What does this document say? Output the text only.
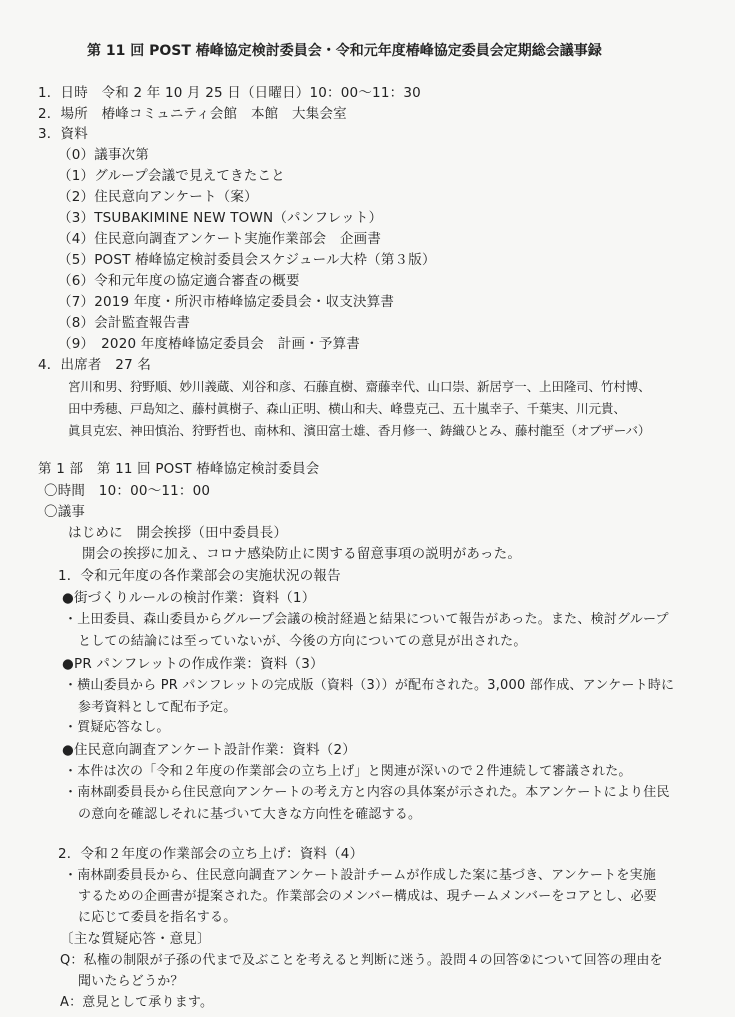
第 11 回 POST 椿峰協定検討委員会・令和元年度椿峰協定委員会定期総会議事録
1．日時　令和 2 年 10 月 25 日（日曜日）10：00～11：30
2．場所　椿峰コミュニティ会館　本館　大集会室
3．資料
（0）議事次第
（1）グループ会議で見えてきたこと
（2）住民意向アンケート（案）
（3）TSUBAKIMINE NEW TOWN（パンフレット）
（4）住民意向調査アンケート実施作業部会　企画書
（5）POST 椿峰協定検討委員会スケジュール大枠（第３版）
（6）令和元年度の協定適合審査の概要
（7）2019 年度・所沢市椿峰協定委員会・収支決算書
（8）会計監査報告書
（9）　2020 年度椿峰協定委員会　計画・予算書
4．出席者　27 名
宮川和男、狩野順、妙川義蔵、刈谷和彦、石藤直樹、齋藤幸代、山口崇、新居亨一、上田隆司、竹村博、
田中秀穂、戸島知之、藤村眞樹子、森山正明、横山和夫、峰豊克己、五十嵐幸子、千葉実、川元貴、
眞貝克宏、神田慎治、狩野哲也、南林和、濱田富士雄、香月修一、鋳織ひとみ、藤村龍至（オブザーバ）
第 1 部　第 11 回 POST 椿峰協定検討委員会
〇時間　10：00～11：00
〇議事
はじめに　開会挨拶（田中委員長）
開会の挨拶に加え、コロナ感染防止に関する留意事項の説明があった。
1．令和元年度の各作業部会の実施状況の報告
●街づくりルールの検討作業：資料（1）
・上田委員、森山委員からグループ会議の検討経過と結果について報告があった。また、検討グループ
としての結論には至っていないが、今後の方向についての意見が出された。
●PR パンフレットの作成作業：資料（3）
・横山委員から PR パンフレットの完成版（資料（3））が配布された。3,000 部作成、アンケート時に
参考資料として配布予定。
・質疑応答なし。
●住民意向調査アンケート設計作業：資料（2）
・本件は次の「令和２年度の作業部会の立ち上げ」と関連が深いので２件連続して審議された。
・南林副委員長から住民意向アンケートの考え方と内容の具体案が示された。本アンケートにより住民
の意向を確認しそれに基づいて大きな方向性を確認する。
2．令和２年度の作業部会の立ち上げ：資料（4）
・南林副委員長から、住民意向調査アンケート設計チームが作成した案に基づき、アンケートを実施
するための企画書が提案された。作業部会のメンバー構成は、現チームメンバーをコアとし、必要
に応じて委員を指名する。
〔主な質疑応答・意見〕
Q：私権の制限が子孫の代まで及ぶことを考えると判断に迷う。設問４の回答②について回答の理由を
聞いたらどうか？
A：意見として承ります。
